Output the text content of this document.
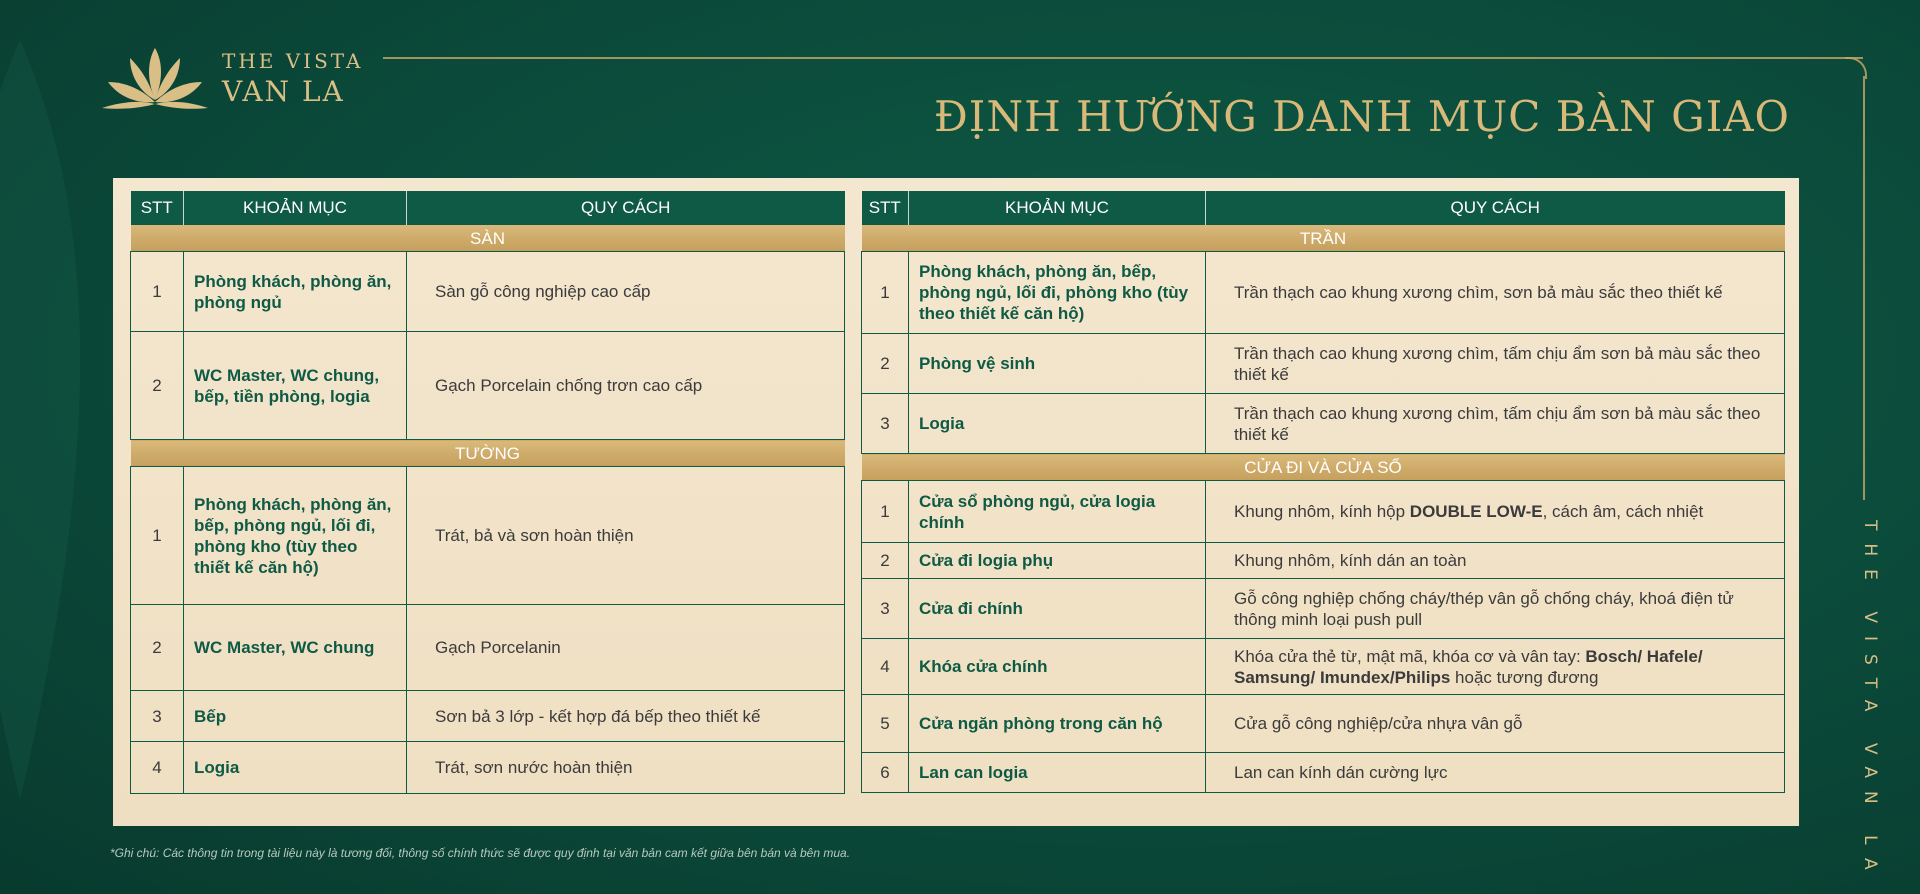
THE VISTA
VAN LA
ĐỊNH HƯỚNG DANH MỤC BÀN GIAO
THE VISTA VAN LA
STT	KHOẢN MỤC	QUY CÁCH
SÀN		
1	Phòng khách, phòng ăn, phòng ngủ	Sàn gỗ công nghiệp cao cấp
2	WC Master, WC chung, bếp, tiền phòng, logia	Gạch Porcelain chống trơn cao cấp
TƯỜNG		
1	Phòng khách, phòng ăn, bếp, phòng ngủ, lối đi, phòng kho (tùy theo thiết kế căn hộ)	Trát, bả và sơn hoàn thiện
2	WC Master, WC chung	Gạch Porcelanin
3	Bếp	Sơn bả 3 lớp - kết hợp đá bếp theo thiết kế
4	Logia	Trát, sơn nước hoàn thiện
STT	KHOẢN MỤC	QUY CÁCH
TRẦN		
1	Phòng khách, phòng ăn, bếp, phòng ngủ, lối đi, phòng kho (tùy theo thiết kế căn hộ)	Trần thạch cao khung xương chìm, sơn bả màu sắc theo thiết kế
2	Phòng vệ sinh	Trần thạch cao khung xương chìm, tấm chịu ẩm sơn bả màu sắc theo thiết kế
3	Logia	Trần thạch cao khung xương chìm, tấm chịu ẩm sơn bả màu sắc theo thiết kế
CỬA ĐI VÀ CỬA SỔ		
1	Cửa sổ phòng ngủ, cửa logia chính	Khung nhôm, kính hộp DOUBLE LOW-E, cách âm, cách nhiệt
2	Cửa đi logia phụ	Khung nhôm, kính dán an toàn
3	Cửa đi chính	Gỗ công nghiệp chống cháy/thép vân gỗ chống cháy, khoá điện tử thông minh loại push pull
4	Khóa cửa chính	Khóa cửa thẻ từ, mật mã, khóa cơ và vân tay: Bosch/ Hafele/ Samsung/ Imundex/Philips hoặc tương đương
5	Cửa ngăn phòng trong căn hộ	Cửa gỗ công nghiệp/cửa nhựa vân gỗ
6	Lan can logia	Lan can kính dán cường lực
*Ghi chú: Các thông tin trong tài liệu này là tương đối, thông số chính thức sẽ được quy định tại văn bản cam kết giữa bên bán và bên mua.
